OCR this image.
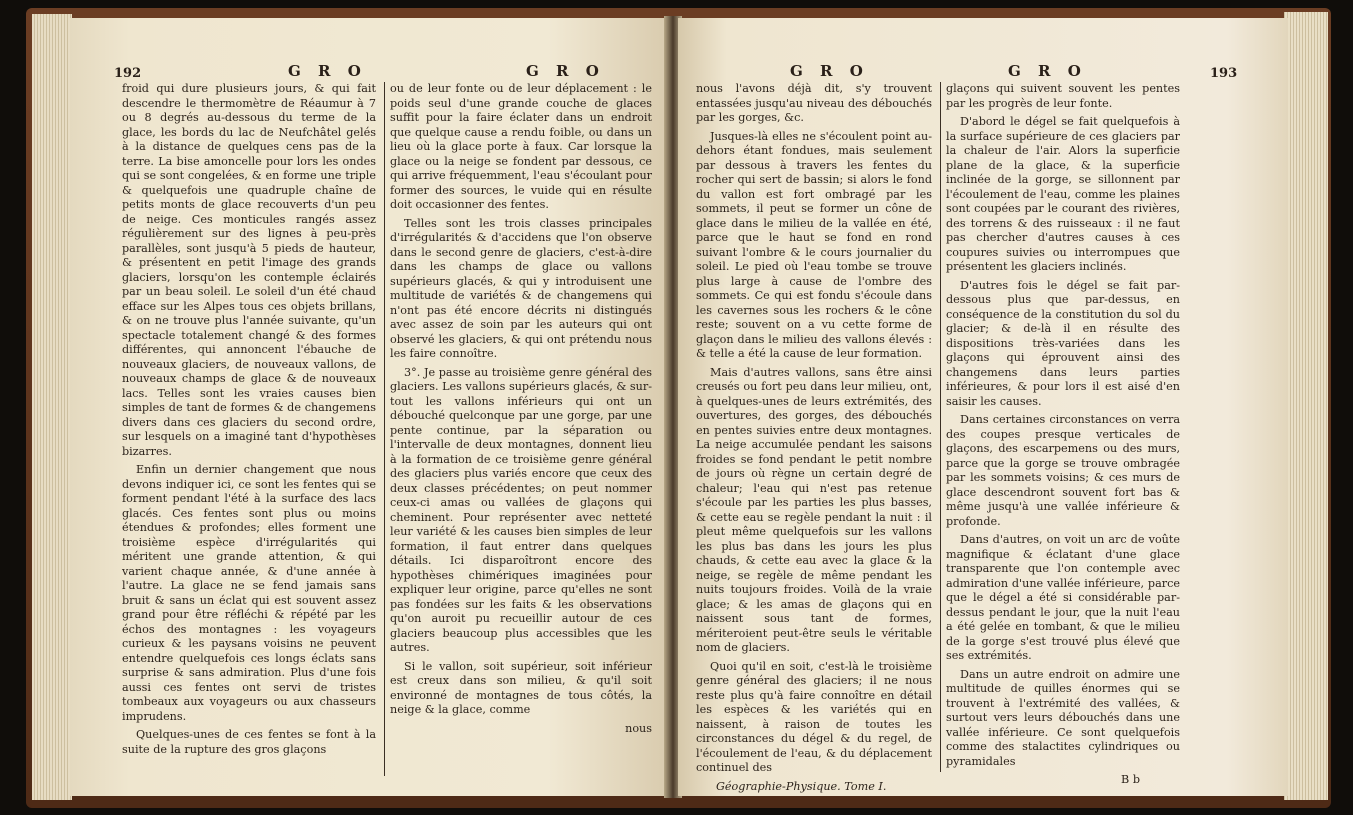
192	G R O	G R O

froid qui dure plusieurs jours, & qui fait descendre le thermomètre de Réaumur à 7 ou 8 degrés au-dessous du terme de la glace, les bords du lac de Neufchâtel gelés à la distance de quelques cens pas de la terre. La bise amoncelle pour lors les ondes qui se sont congelées, & en forme une triple & quelquefois une quadruple chaîne de petits monts de glace recouverts d'un peu de neige. Ces monticules rangés assez régulièrement sur des lignes à peu-près parallèles, sont jusqu'à 5 pieds de hauteur, & présentent en petit l'image des grands glaciers, lorsqu'on les contemple éclairés par un beau soleil. Le soleil d'un été chaud efface sur les Alpes tous ces objets brillans, & on ne trouve plus l'année suivante, qu'un spectacle totalement changé & des formes différentes, qui annoncent l'ébauche de nouveaux glaciers, de nouveaux vallons, de nouveaux champs de glace & de nouveaux lacs. Telles sont les vraies causes bien simples de tant de formes & de changemens divers dans ces glaciers du second ordre, sur lesquels on a imaginé tant d'hypothèses bizarres.

Enfin un dernier changement que nous devons indiquer ici, ce sont les fentes qui se forment pendant l'été à la surface des lacs glacés. Ces fentes sont plus ou moins étendues & profondes; elles forment une troisième espèce d'irrégularités qui méritent une grande attention, & qui varient chaque année, & d'une année à l'autre. La glace ne se fend jamais sans bruit & sans un éclat qui est souvent assez grand pour être réfléchi & répété par les échos des montagnes : les voyageurs curieux & les paysans voisins ne peuvent entendre quelquefois ces longs éclats sans surprise & sans admiration. Plus d'une fois aussi ces fentes ont servi de tristes tombeaux aux voyageurs ou aux chasseurs imprudens.

Quelques-unes de ces fentes se font à la suite de la rupture des gros glaçons

ou de leur fonte ou de leur déplacement : le poids seul d'une grande couche de glaces suffit pour la faire éclater dans un endroit que quelque cause a rendu foible, ou dans un lieu où la glace porte à faux. Car lorsque la glace ou la neige se fondent par dessous, ce qui arrive fréquemment, l'eau s'écoulant pour former des sources, le vuide qui en résulte doit occasionner des fentes.

Telles sont les trois classes principales d'irrégularités & d'accidens que l'on observe dans le second genre de glaciers, c'est-à-dire dans les champs de glace ou vallons supérieurs glacés, & qui y introduisent une multitude de variétés & de changemens qui n'ont pas été encore décrits ni distingués avec assez de soin par les auteurs qui ont observé les glaciers, & qui ont prétendu nous les faire connoître.

3°. Je passe au troisième genre général des glaciers. Les vallons supérieurs glacés, & sur-tout les vallons inférieurs qui ont un débouché quelconque par une gorge, par une pente continue, par la séparation ou l'intervalle de deux montagnes, donnent lieu à la formation de ce troisième genre général des glaciers plus variés encore que ceux des deux classes précédentes; on peut nommer ceux-ci amas ou vallées de glaçons qui cheminent. Pour représenter avec netteté leur variété & les causes bien simples de leur formation, il faut entrer dans quelques détails. Ici disparoîtront encore des hypothèses chimériques imaginées pour expliquer leur origine, parce qu'elles ne sont pas fondées sur les faits & les observations qu'on auroit pu recueillir autour de ces glaciers beaucoup plus accessibles que les autres.

Si le vallon, soit supérieur, soit inférieur est creux dans son milieu, & qu'il soit environné de montagnes de tous côtés, la neige & la glace, comme

nous

G R O	G R O	193

nous l'avons déjà dit, s'y trouvent entassées jusqu'au niveau des débouchés par les gorges, &c.

Jusques-là elles ne s'écoulent point au-dehors étant fondues, mais seulement par dessous à travers les fentes du rocher qui sert de bassin; si alors le fond du vallon est fort ombragé par les sommets, il peut se former un cône de glace dans le milieu de la vallée en été, parce que le haut se fond en rond suivant l'ombre & le cours journalier du soleil. Le pied où l'eau tombe se trouve plus large à cause de l'ombre des sommets. Ce qui est fondu s'écoule dans les cavernes sous les rochers & le cône reste; souvent on a vu cette forme de glaçon dans le milieu des vallons élevés : & telle a été la cause de leur formation.

Mais d'autres vallons, sans être ainsi creusés ou fort peu dans leur milieu, ont, à quelques-unes de leurs extrémités, des ouvertures, des gorges, des débouchés en pentes suivies entre deux montagnes. La neige accumulée pendant les saisons froides se fond pendant le petit nombre de jours où règne un certain degré de chaleur; l'eau qui n'est pas retenue s'écoule par les parties les plus basses, & cette eau se regèle pendant la nuit : il pleut même quelquefois sur les vallons les plus bas dans les jours les plus chauds, & cette eau avec la glace & la neige, se regèle de même pendant les nuits toujours froides. Voilà de la vraie glace; & les amas de glaçons qui en naissent sous tant de formes, mériteroient peut-être seuls le véritable nom de glaciers.

Quoi qu'il en soit, c'est-là le troisième genre général des glaciers; il ne nous reste plus qu'à faire connoître en détail les espèces & les variétés qui en naissent, à raison de toutes les circonstances du dégel & du regel, de l'écoulement de l'eau, & du déplacement continuel des

Géographie-Physique. Tome I.

glaçons qui suivent souvent les pentes par les progrès de leur fonte.

D'abord le dégel se fait quelquefois à la surface supérieure de ces glaciers par la chaleur de l'air. Alors la superficie plane de la glace, & la superficie inclinée de la gorge, se sillonnent par l'écoulement de l'eau, comme les plaines sont coupées par le courant des rivières, des torrens & des ruisseaux : il ne faut pas chercher d'autres causes à ces coupures suivies ou interrompues que présentent les glaciers inclinés.

D'autres fois le dégel se fait par-dessous plus que par-dessus, en conséquence de la constitution du sol du glacier; & de-là il en résulte des dispositions très-variées dans les glaçons qui éprouvent ainsi des changemens dans leurs parties inférieures, & pour lors il est aisé d'en saisir les causes.

Dans certaines circonstances on verra des coupes presque verticales de glaçons, des escarpemens ou des murs, parce que la gorge se trouve ombragée par les sommets voisins; & ces murs de glace descendront souvent fort bas & même jusqu'à une vallée inférieure & profonde.

Dans d'autres, on voit un arc de voûte magnifique & éclatant d'une glace transparente que l'on contemple avec admiration d'une vallée inférieure, parce que le dégel a été si considérable par-dessus pendant le jour, que la nuit l'eau a été gelée en tombant, & que le milieu de la gorge s'est trouvé plus élevé que ses extrémités.

Dans un autre endroit on admire une multitude de quilles énormes qui se trouvent à l'extrémité des vallées, & surtout vers leurs débouchés dans une vallée inférieure. Ce sont quelquefois comme des stalactites cylindriques ou pyramidales

B b
